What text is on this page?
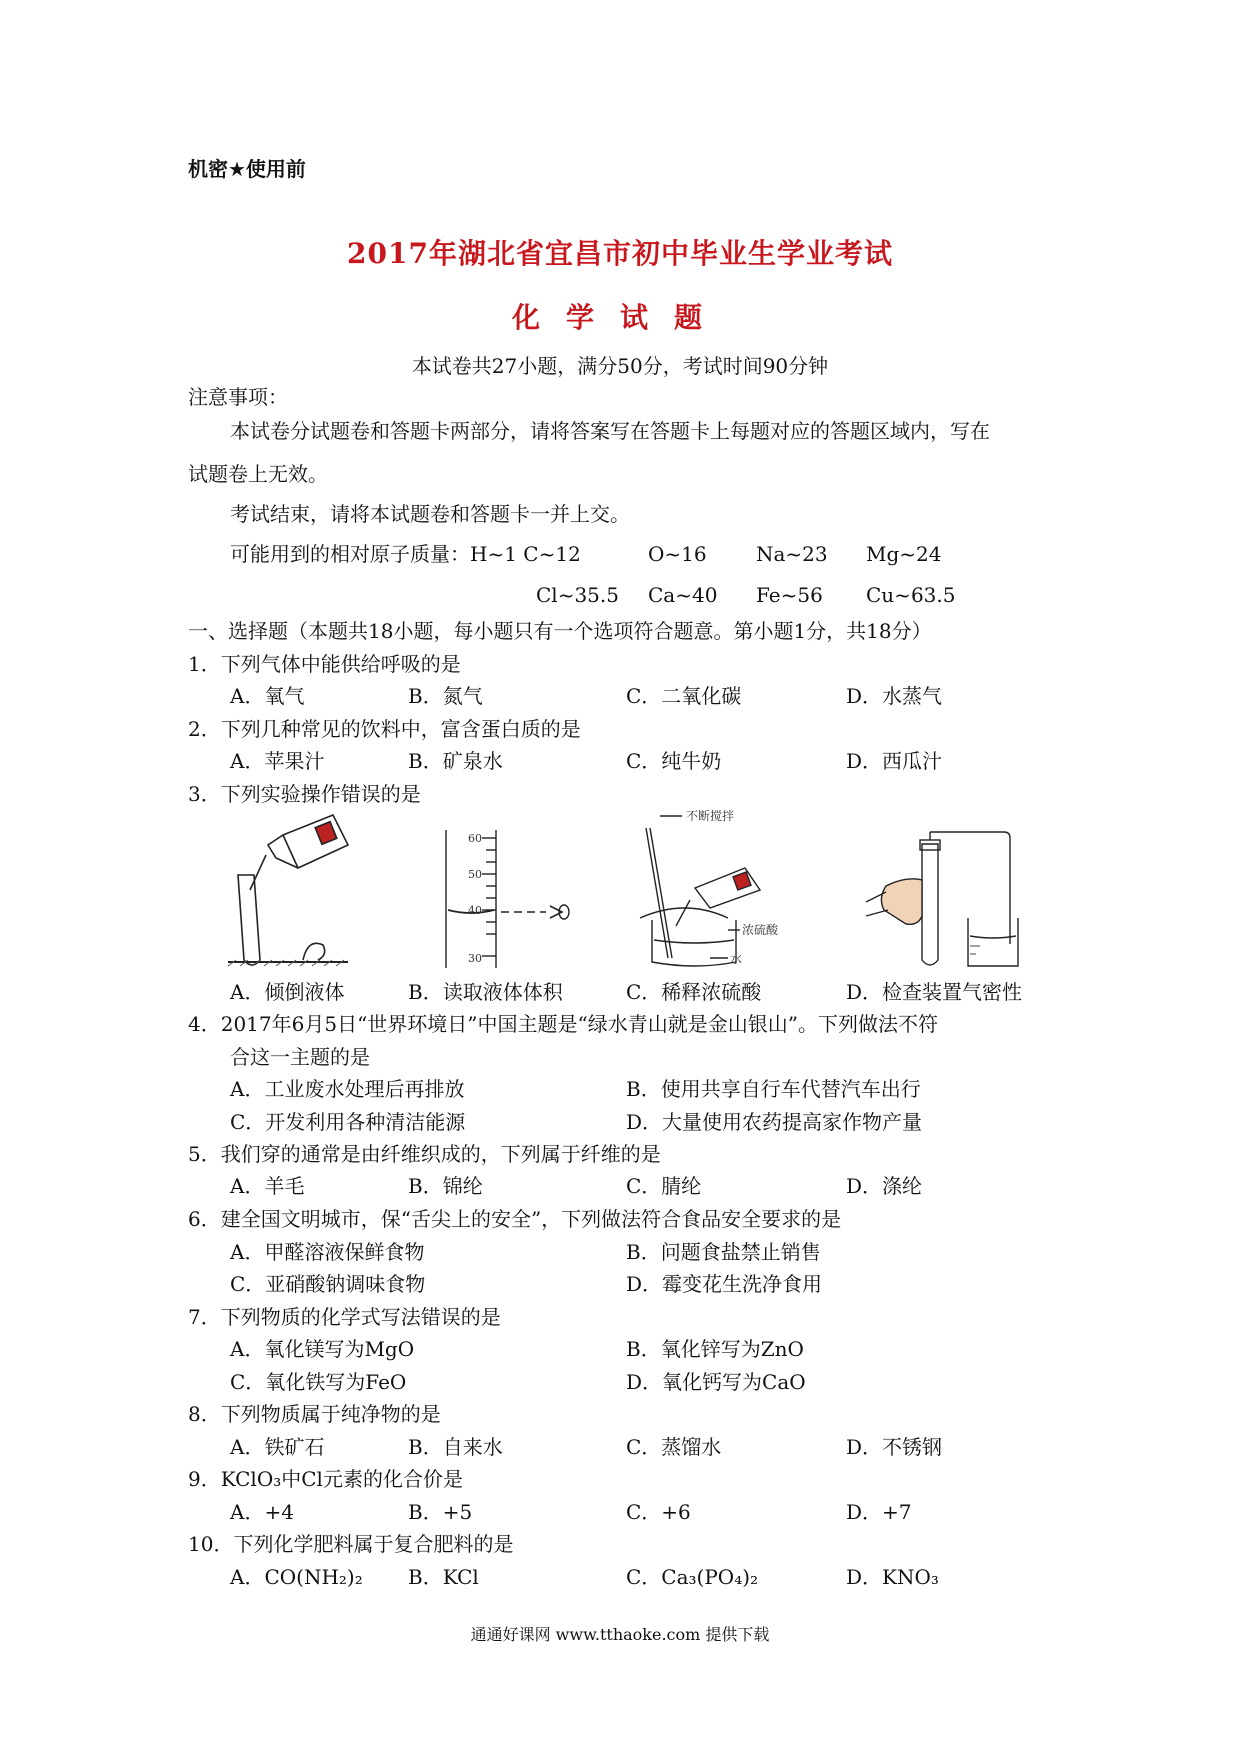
机密★使用前
2017年湖北省宜昌市初中毕业生学业考试
化学试题
本试卷共27小题，满分50分，考试时间90分钟
注意事项：
本试卷分试题卷和答题卡两部分，请将答案写在答题卡上每题对应的答题区域内，写在
试题卷上无效。
考试结束，请将本试题卷和答题卡一并上交。
可能用到的相对原子质量：H~1 C~12	O~16 Na~23 Mg~24
Cl~35.5 Ca~40 Fe~56 Cu~63.5
一、选择题（本题共18小题，每小题只有一个选项符合题意。第小题1分，共18分）
1．下列气体中能供给呼吸的是
A．氧气	B．氮气	C．二氧化碳	D．水蒸气
2．下列几种常见的饮料中，富含蛋白质的是
A．苹果汁	B．矿泉水	C．纯牛奶	D．西瓜汁
3．下列实验操作错误的是
60
50
40
30
不断搅拌
浓硫酸
水
A．倾倒液体	B．读取液体体积	C．稀释浓硫酸	D．检查装置气密性
4．2017年6月5日“世界环境日”中国主题是“绿水青山就是金山银山”。下列做法不符
合这一主题的是
A．工业废水处理后再排放	B．使用共享自行车代替汽车出行
C．开发利用各种清洁能源	D．大量使用农药提高家作物产量
5．我们穿的通常是由纤维织成的，下列属于纤维的是
A．羊毛	B．锦纶	C．腈纶	D．涤纶
6．建全国文明城市，保“舌尖上的安全”，下列做法符合食品安全要求的是
A．甲醛溶液保鲜食物	B．问题食盐禁止销售
C．亚硝酸钠调味食物	D．霉变花生洗净食用
7．下列物质的化学式写法错误的是
A．氧化镁写为MgO	B．氧化锌写为ZnO
C．氧化铁写为FeO	D．氧化钙写为CaO
8．下列物质属于纯净物的是
A．铁矿石	B．自来水	C．蒸馏水	D．不锈钢
9．KClO₃中Cl元素的化合价是
A．+4	B．+5	C．+6	D．+7
10．下列化学肥料属于复合肥料的是
A．CO(NH₂)₂ B．KCl	C．Ca₃(PO₄)₂	D．KNO₃
通通好课网 www.tthaoke.com 提供下载
